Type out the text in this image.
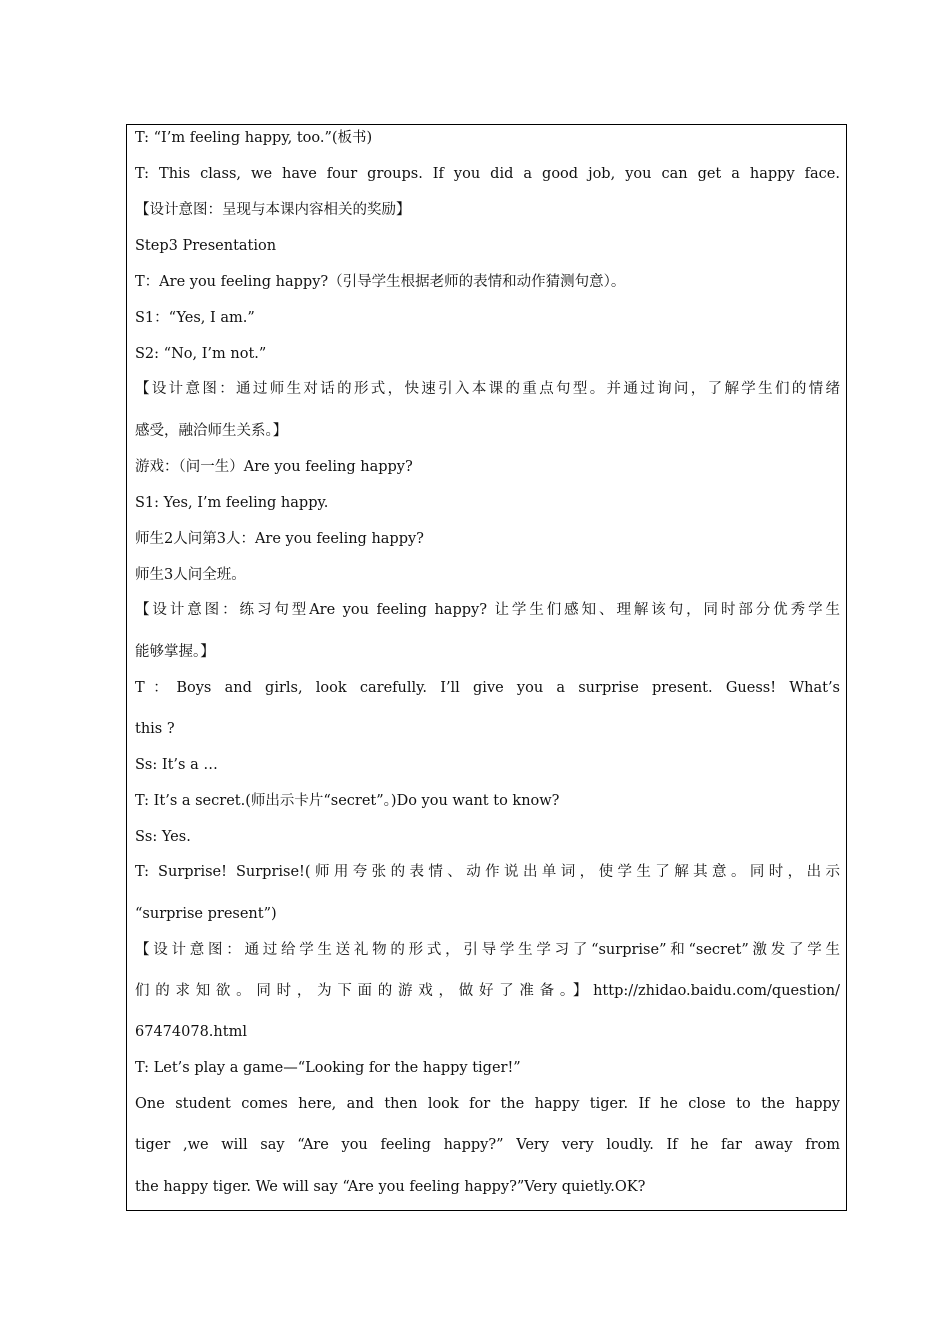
T: “I’m feeling happy, too.”(板书)
T: This class, we have four groups. If you did a good job, you can get a happy face.
【设计意图：呈现与本课内容相关的奖励】
Step3 Presentation
T：Are you feeling happy?（引导学生根据老师的表情和动作猜测句意）。
S1：“Yes, I am.”
S2: “No, I’m not.”
【设计意图：通过师生对话的形式，快速引入本课的重点句型。并通过询问，了解学生们的情绪
感受，融洽师生关系。】
游戏：（问一生）Are you feeling happy?
S1: Yes, I’m feeling happy.
师生2人问第3人：Are you feeling happy?
师生3人问全班。
【设计意图：练习句型Are you feeling happy? 让学生们感知、理解该句，同时部分优秀学生
能够掌握。】
T：Boys and girls, look carefully. I’ll give you a surprise present. Guess! What’s
this ?
Ss: It’s a …
T: It’s a secret.(师出示卡片“secret”。)Do you want to know?
Ss: Yes.
T: Surprise! Surprise!(师用夸张的表情、动作说出单词，使学生了解其意。同时，出示
“surprise present”)
【设计意图：通过给学生送礼物的形式，引导学生学习了“surprise”和“secret”激发了学生
们的求知欲。同时，为下面的游戏，做好了准备。】http://zhidao.baidu.com/question/
67474078.html
T: Let’s play a game—“Looking for the happy tiger!”
One student comes here, and then look for the happy tiger. If he close to the happy
tiger ,we will say “Are you feeling happy?” Very very loudly. If he far away from
the happy tiger. We will say “Are you feeling happy?”Very quietly.OK?
